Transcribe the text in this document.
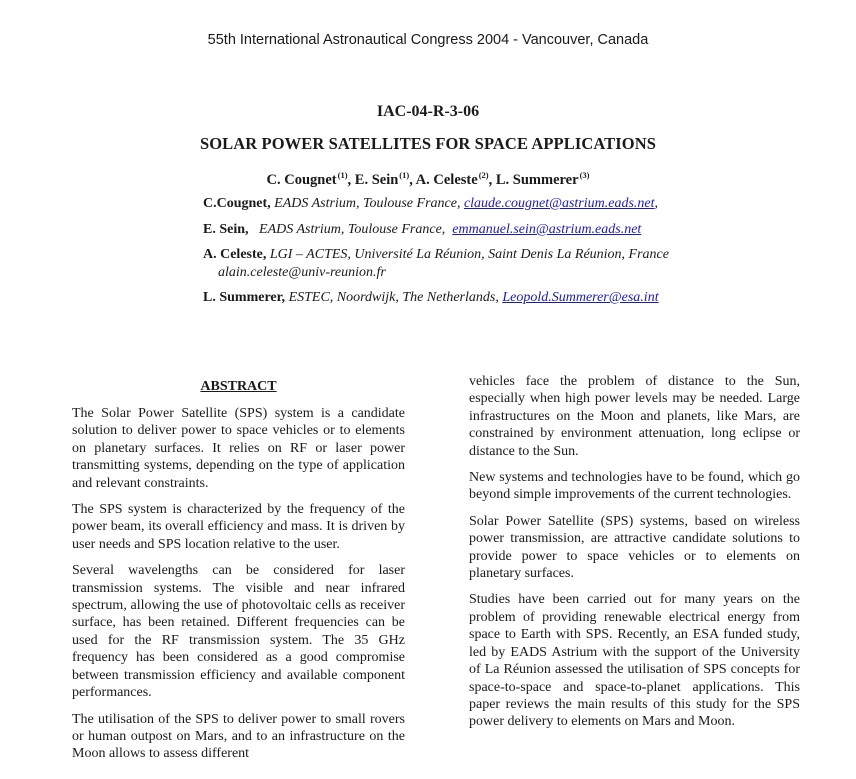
55th International Astronautical Congress 2004 - Vancouver, Canada
IAC-04-R-3-06
SOLAR POWER SATELLITES FOR SPACE APPLICATIONS
C. Cougnet$^{(1)}$, E. Sein$^{(1)}$, A. Celeste$^{(2)}$, L. Summerer$^{(3)}$
C.Cougnet, EADS Astrium, Toulouse France, claude.cougnet@astrium.eads.net,
E. Sein,   EADS Astrium, Toulouse France,  emmanuel.sein@astrium.eads.net
A. Celeste, LGI – ACTES, Université La Réunion, Saint Denis La Réunion, France
alain.celeste@univ-reunion.fr
L. Summerer, ESTEC, Noordwijk, The Netherlands, Leopold.Summerer@esa.int
ABSTRACT

The Solar Power Satellite (SPS) system is a candidate solution to deliver power to space vehicles or to elements on planetary surfaces. It relies on RF or laser power transmitting systems, depending on the type of application and relevant constraints.

The SPS system is characterized by the frequency of the power beam, its overall efficiency and mass. It is driven by user needs and SPS location relative to the user.

Several wavelengths can be considered for laser transmission systems. The visible and near infrared spectrum, allowing the use of photovoltaic cells as receiver surface, has been retained. Different frequencies can be used for the RF transmission system. The 35 GHz frequency has been considered as a good compromise between transmission efficiency and available component performances.

The utilisation of the SPS to deliver power to small rovers or human outpost on Mars, and to an infrastructure on the Moon allows to assess different

vehicles face the problem of distance to the Sun, especially when high power levels may be needed. Large infrastructures on the Moon and planets, like Mars, are constrained by environment attenuation, long eclipse or distance to the Sun.

New systems and technologies have to be found, which go beyond simple improvements of the current technologies.

Solar Power Satellite (SPS) systems, based on wireless power transmission, are attractive candidate solutions to provide power to space vehicles or to elements on planetary surfaces.

Studies have been carried out for many years on the problem of providing renewable electrical energy from space to Earth with SPS. Recently, an ESA funded study, led by EADS Astrium with the support of the University of La Réunion assessed the utilisation of SPS concepts for space-to-space and space-to-planet applications. This paper reviews the main results of this study for the SPS power delivery to elements on Mars and Moon.
